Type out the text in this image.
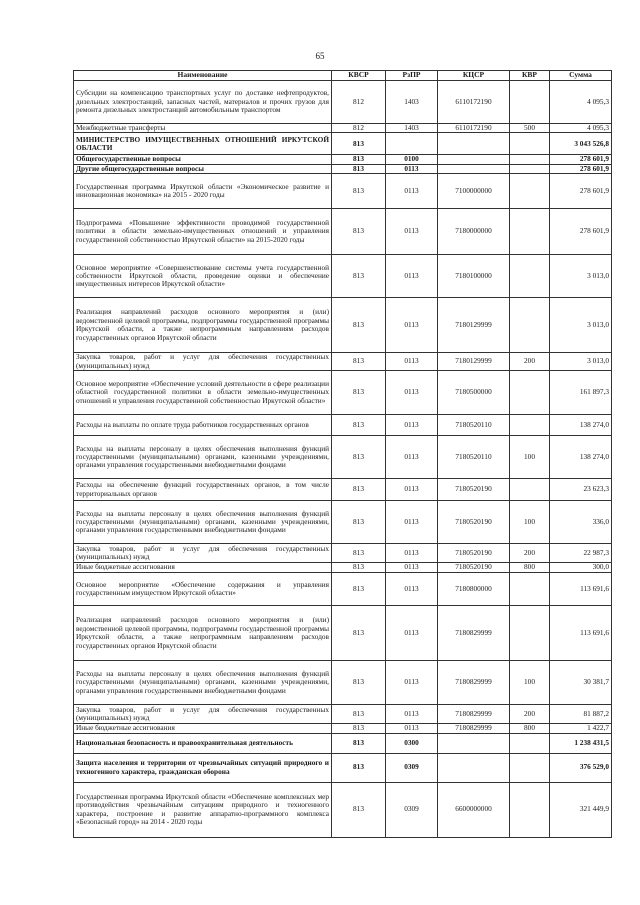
65
Наименование	КВСР	РзПР	КЦСР	КВР	Сумма
Субсидии на компенсацию транспортных услуг по доставке нефтепродуктов, дизельных электростанций, запасных частей, материалов и прочих грузов для ремонта дизельных электростанций автомобильным транспортом	812	1403	6110172190		4 095,3
Межбюджетные трансферты	812	1403	6110172190	500	4 095,3
МИНИСТЕРСТВО ИМУЩЕСТВЕННЫХ ОТНОШЕНИЙ ИРКУТСКОЙ ОБЛАСТИ	813				3 043 526,8
Общегосударственные вопросы	813	0100			278 601,9
Другие общегосударственные вопросы	813	0113			278 601,9
Государственная программа Иркутской области «Экономическое развитие и инновационная экономика» на 2015 - 2020 годы	813	0113	7100000000		278 601,9
Подпрограмма «Повышение эффективности проводимой государственной политики в области земельно-имущественных отношений и управления государственной собственностью Иркутской области» на 2015-2020 годы	813	0113	7180000000		278 601,9
Основное мероприятие «Совершенствование системы учета государственной собственности Иркутской области, проведение оценки и обеспечение имущественных интересов Иркутской области»	813	0113	7180100000		3 013,0
Реализация направлений расходов основного мероприятия и (или) ведомственной целевой программы, подпрограммы государственной программы Иркутской области, а также непрограммным направлениям расходов государственных органов Иркутской области	813	0113	7180129999		3 013,0
Закупка товаров, работ и услуг для обеспечения государственных (муниципальных) нужд	813	0113	7180129999	200	3 013,0
Основное мероприятие «Обеспечение условий деятельности в сфере реализации областной государственной политики в области земельно-имущественных отношений и управления государственной собственностью Иркутской области»	813	0113	7180500000		161 897,3
Расходы на выплаты по оплате труда работников государственных органов	813	0113	7180520110		138 274,0
Расходы на выплаты персоналу в целях обеспечения выполнения функций государственными (муниципальными) органами, казенными учреждениями, органами управления государственными внебюджетными фондами	813	0113	7180520110	100	138 274,0
Расходы на обеспечение функций государственных органов, в том числе территориальных органов	813	0113	7180520190		23 623,3
Расходы на выплаты персоналу в целях обеспечения выполнения функций государственными (муниципальными) органами, казенными учреждениями, органами управления государственными внебюджетными фондами	813	0113	7180520190	100	336,0
Закупка товаров, работ и услуг для обеспечения государственных (муниципальных) нужд	813	0113	7180520190	200	22 987,3
Иные бюджетные ассигнования	813	0113	7180520190	800	300,0
Основное мероприятие «Обеспечение содержания и управления государственным имуществом Иркутской области»	813	0113	7180800000		113 691,6
Реализация направлений расходов основного мероприятия и (или) ведомственной целевой программы, подпрограммы государственной программы Иркутской области, а также непрограммным направлениям расходов государственных органов Иркутской области	813	0113	7180829999		113 691,6
Расходы на выплаты персоналу в целях обеспечения выполнения функций государственными (муниципальными) органами, казенными учреждениями, органами управления государственными внебюджетными фондами	813	0113	7180829999	100	30 381,7
Закупка товаров, работ и услуг для обеспечения государственных (муниципальных) нужд	813	0113	7180829999	200	81 887,2
Иные бюджетные ассигнования	813	0113	7180829999	800	1 422,7
Национальная безопасность и правоохранительная деятельность	813	0300			1 238 431,5
Защита населения и территории от чрезвычайных ситуаций природного и техногенного характера, гражданская оборона	813	0309			376 529,0
Государственная программа Иркутской области «Обеспечение комплексных мер противодействия чрезвычайным ситуациям природного и техногенного характера, построение и развитие аппаратно-программного комплекса «Безопасный город» на 2014 - 2020 годы	813	0309	6600000000		321 449,9
